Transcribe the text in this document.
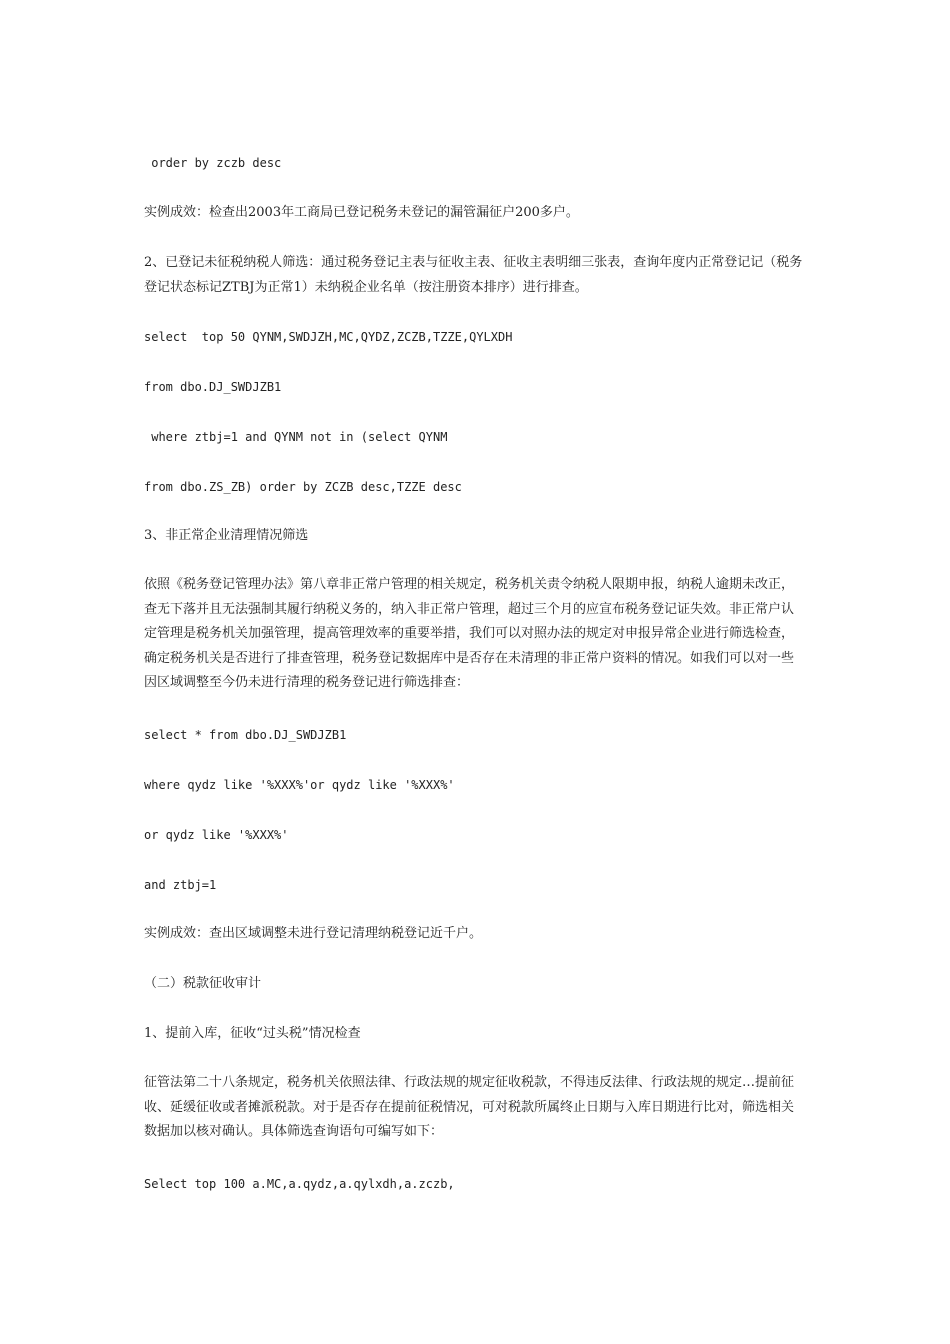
order by zczb desc

实例成效：检查出2003年工商局已登记税务未登记的漏管漏征户200多户。

2、已登记未征税纳税人筛选：通过税务登记主表与征收主表、征收主表明细三张表，查询年度内正常登记记（税务登记状态标记ZTBJ为正常1）未纳税企业名单（按注册资本排序）进行排查。

select  top 50 QYNM,SWDJZH,MC,QYDZ,ZCZB,TZZE,QYLXDH

from dbo.DJ_SWDJZB1

where ztbj=1 and QYNM not in (select QYNM

from dbo.ZS_ZB) order by ZCZB desc,TZZE desc

3、非正常企业清理情况筛选

依照《税务登记管理办法》第八章非正常户管理的相关规定，税务机关责令纳税人限期申报，纳税人逾期未改正，查无下落并且无法强制其履行纳税义务的，纳入非正常户管理，超过三个月的应宣布税务登记证失效。非正常户认定管理是税务机关加强管理，提高管理效率的重要举措，我们可以对照办法的规定对申报异常企业进行筛选检查，确定税务机关是否进行了排查管理，税务登记数据库中是否存在未清理的非正常户资料的情况。如我们可以对一些因区域调整至今仍未进行清理的税务登记进行筛选排查：

select * from dbo.DJ_SWDJZB1

where qydz like '%XXX%'or qydz like '%XXX%'

or qydz like '%XXX%'

and ztbj=1

实例成效：查出区域调整未进行登记清理纳税登记近千户。

（二）税款征收审计

1、提前入库，征收“过头税”情况检查

征管法第二十八条规定，税务机关依照法律、行政法规的规定征收税款，不得违反法律、行政法规的规定…提前征收、延缓征收或者摊派税款。对于是否存在提前征税情况，可对税款所属终止日期与入库日期进行比对，筛选相关数据加以核对确认。具体筛选查询语句可编写如下：

Select top 100 a.MC,a.qydz,a.qylxdh,a.zczb,
